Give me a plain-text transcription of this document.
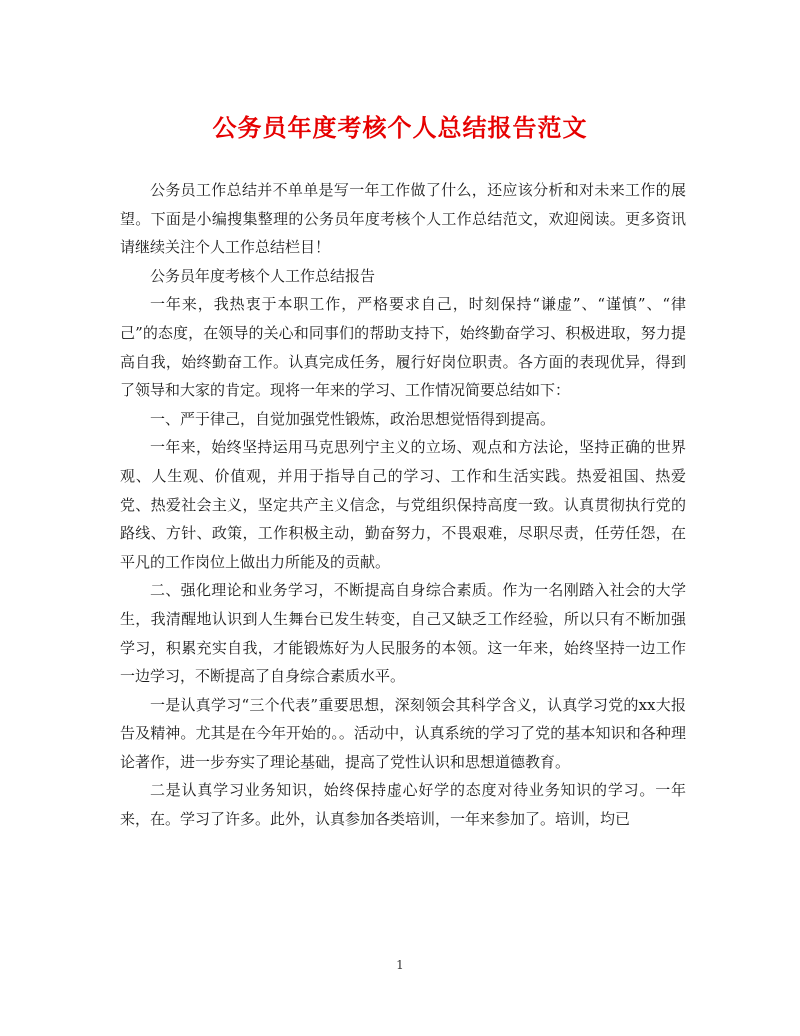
公务员年度考核个人总结报告范文

公务员工作总结并不单单是写一年工作做了什么，还应该分析和对未来工作的展望。下面是小编搜集整理的公务员年度考核个人工作总结范文，欢迎阅读。更多资讯请继续关注个人工作总结栏目！

公务员年度考核个人工作总结报告

一年来，我热衷于本职工作，严格要求自己，时刻保持“谦虚”、“谨慎”、“律己”的态度，在领导的关心和同事们的帮助支持下，始终勤奋学习、积极进取，努力提高自我，始终勤奋工作。认真完成任务，履行好岗位职责。各方面的表现优异，得到了领导和大家的肯定。现将一年来的学习、工作情况简要总结如下：

一、严于律己，自觉加强党性锻炼，政治思想觉悟得到提高。

一年来，始终坚持运用马克思列宁主义的立场、观点和方法论，坚持正确的世界观、人生观、价值观，并用于指导自己的学习、工作和生活实践。热爱祖国、热爱党、热爱社会主义，坚定共产主义信念，与党组织保持高度一致。认真贯彻执行党的路线、方针、政策，工作积极主动，勤奋努力，不畏艰难，尽职尽责，任劳任怨，在平凡的工作岗位上做出力所能及的贡献。

二、强化理论和业务学习，不断提高自身综合素质。作为一名刚踏入社会的大学生，我清醒地认识到人生舞台已发生转变，自己又缺乏工作经验，所以只有不断加强学习，积累充实自我，才能锻炼好为人民服务的本领。这一年来，始终坚持一边工作一边学习，不断提高了自身综合素质水平。

一是认真学习“三个代表”重要思想，深刻领会其科学含义，认真学习党的xx大报告及精神。尤其是在今年开始的。。活动中，认真系统的学习了党的基本知识和各种理论著作，进一步夯实了理论基础，提高了党性认识和思想道德教育。

二是认真学习业务知识，始终保持虚心好学的态度对待业务知识的学习。一年来，在。学习了许多。此外，认真参加各类培训，一年来参加了。培训，均已

1
